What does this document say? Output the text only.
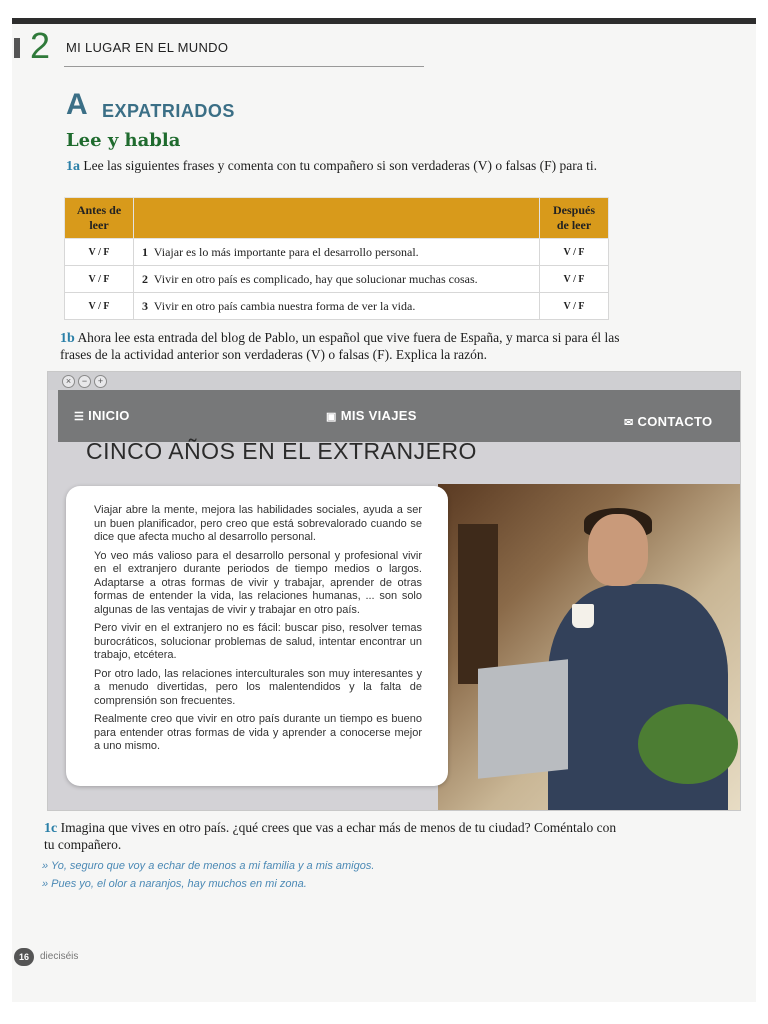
2 MI LUGAR EN EL MUNDO
A EXPATRIADOS
Lee y habla
1a Lee las siguientes frases y comenta con tu compañero si son verdaderas (V) o falsas (F) para ti.
Antes de leer		Después de leer
V / F	1 Viajar es lo más importante para el desarrollo personal.	V / F
V / F	2 Vivir en otro país es complicado, hay que solucionar muchas cosas.	V / F
V / F	3 Vivir en otro país cambia nuestra forma de ver la vida.	V / F
1b Ahora lee esta entrada del blog de Pablo, un español que vive fuera de España, y marca si para él las frases de la actividad anterior son verdaderas (V) o falsas (F). Explica la razón.
×	−	+
☰ INICIO	▣ MIS VIAJES	✉ CONTACTO
CINCO AÑOS EN EL EXTRANJERO

Viajar abre la mente, mejora las habilidades sociales, ayuda a ser un buen planificador, pero creo que está sobrevalorado cuando se dice que afecta mucho al desarrollo personal.

Yo veo más valioso para el desarrollo personal y profesional vivir en el extranjero durante periodos de tiempo medios o largos. Adaptarse a otras formas de vivir y trabajar, aprender de otras formas de entender la vida, las relaciones humanas, ... son solo algunas de las ventajas de vivir y trabajar en otro país.

Pero vivir en el extranjero no es fácil: buscar piso, resolver temas burocráticos, solucionar problemas de salud, intentar encontrar un trabajo, etcétera.

Por otro lado, las relaciones interculturales son muy interesantes y a menudo divertidas, pero los malentendidos y la falta de comprensión son frecuentes.

Realmente creo que vivir en otro país durante un tiempo es bueno para entender otras formas de vida y aprender a conocerse mejor a uno mismo.

1c Imagina que vives en otro país. ¿qué crees que vas a echar más de menos de tu ciudad? Coméntalo con tu compañero.
» Yo, seguro que voy a echar de menos a mi familia y a mis amigos.
» Pues yo, el olor a naranjos, hay muchos en mi zona.
16	dieciséis
